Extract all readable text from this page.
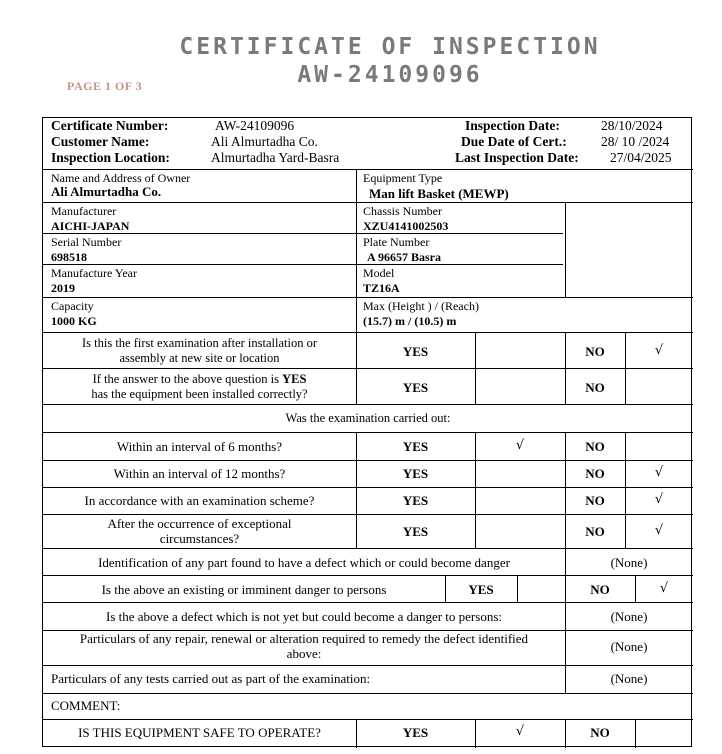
CERTIFICATE OF INSPECTION
AW-24109096
PAGE 1 OF 3
Certificate Number:	AW-24109096
Customer Name:	Ali Almurtadha Co.
Inspection Location:	Almurtadha Yard-Basra
Inspection Date:	28/10/2024
Due Date of Cert.:	28/ 10 /2024
Last Inspection Date: 27/04/2025
Name and Address of Owner
Ali Almurtadha Co.
Equipment Type
Man lift Basket (MEWP)
Manufacturer
AICHI-JAPAN
Chassis Number
XZU4141002503
Serial Number
698518
Plate Number
A 96657 Basra
Manufacture Year
2019
Model
TZ16A
Capacity
1000 KG
Max (Height ) / (Reach)
(15.7) m / (10.5) m
Is this the first examination after installation or
assembly at new site or location	YES	NO	√
If the answer to the above question is YES
has the equipment been installed correctly?	YES	NO
Was the examination carried out:
Within an interval of 6 months?	YES	√	NO
Within an interval of 12 months?	YES	NO	√
In accordance with an examination scheme?	YES	NO	√
After the occurrence of exceptional
circumstances?	YES	NO	√
Identification of any part found to have a defect which or could become danger	(None)
Is the above an existing or imminent danger to persons	YES	NO	√
Is the above a defect which is not yet but could become a danger to persons:	(None)
Particulars of any repair, renewal or alteration required to remedy the defect identified
above:	(None)
Particulars of any tests carried out as part of the examination:	(None)
COMMENT:
IS THIS EQUIPMENT SAFE TO OPERATE?	YES	√	NO
